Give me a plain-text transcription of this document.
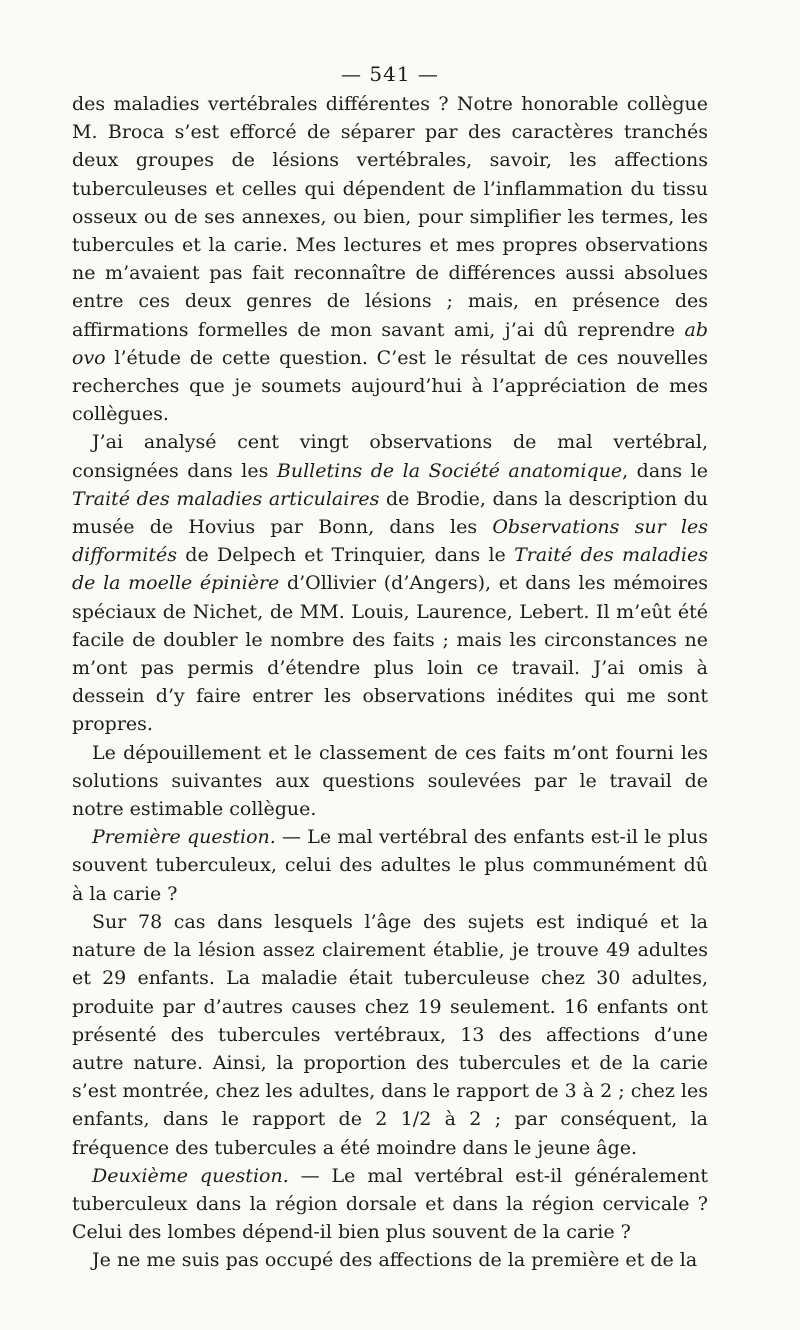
— 541 —

des maladies vertébrales différentes ? Notre honorable collègue M. Broca s’est efforcé de séparer par des caractères tranchés deux groupes de lésions vertébrales, savoir, les affections tuberculeuses et celles qui dépendent de l’inflammation du tissu osseux ou de ses annexes, ou bien, pour simplifier les termes, les tubercules et la carie. Mes lectures et mes propres observations ne m’avaient pas fait reconnaître de différences aussi absolues entre ces deux genres de lésions ; mais, en présence des affirmations formelles de mon savant ami, j’ai dû reprendre ab ovo l’étude de cette question. C’est le résultat de ces nouvelles recherches que je soumets aujourd’hui à l’appréciation de mes collègues.

J’ai analysé cent vingt observations de mal vertébral, consignées dans les Bulletins de la Société anatomique, dans le Traité des maladies articulaires de Brodie, dans la description du musée de Hovius par Bonn, dans les Observations sur les difformités de Delpech et Trinquier, dans le Traité des maladies de la moelle épinière d’Ollivier (d’Angers), et dans les mémoires spéciaux de Nichet, de MM. Louis, Laurence, Lebert. Il m’eût été facile de doubler le nombre des faits ; mais les circonstances ne m’ont pas permis d’étendre plus loin ce travail. J’ai omis à dessein d’y faire entrer les observations inédites qui me sont propres.

Le dépouillement et le classement de ces faits m’ont fourni les solutions suivantes aux questions soulevées par le travail de notre estimable collègue.

Première question. — Le mal vertébral des enfants est-il le plus souvent tuberculeux, celui des adultes le plus communément dû à la carie ?

Sur 78 cas dans lesquels l’âge des sujets est indiqué et la nature de la lésion assez clairement établie, je trouve 49 adultes et 29 enfants. La maladie était tuberculeuse chez 30 adultes, produite par d’autres causes chez 19 seulement. 16 enfants ont présenté des tubercules vertébraux, 13 des affections d’une autre nature. Ainsi, la proportion des tubercules et de la carie s’est montrée, chez les adultes, dans le rapport de 3 à 2 ; chez les enfants, dans le rapport de 2 1/2 à 2 ; par conséquent, la fréquence des tubercules a été moindre dans le jeune âge.

Deuxième question. — Le mal vertébral est-il généralement tuberculeux dans la région dorsale et dans la région cervicale ? Celui des lombes dépend-il bien plus souvent de la carie ?

Je ne me suis pas occupé des affections de la première et de la
